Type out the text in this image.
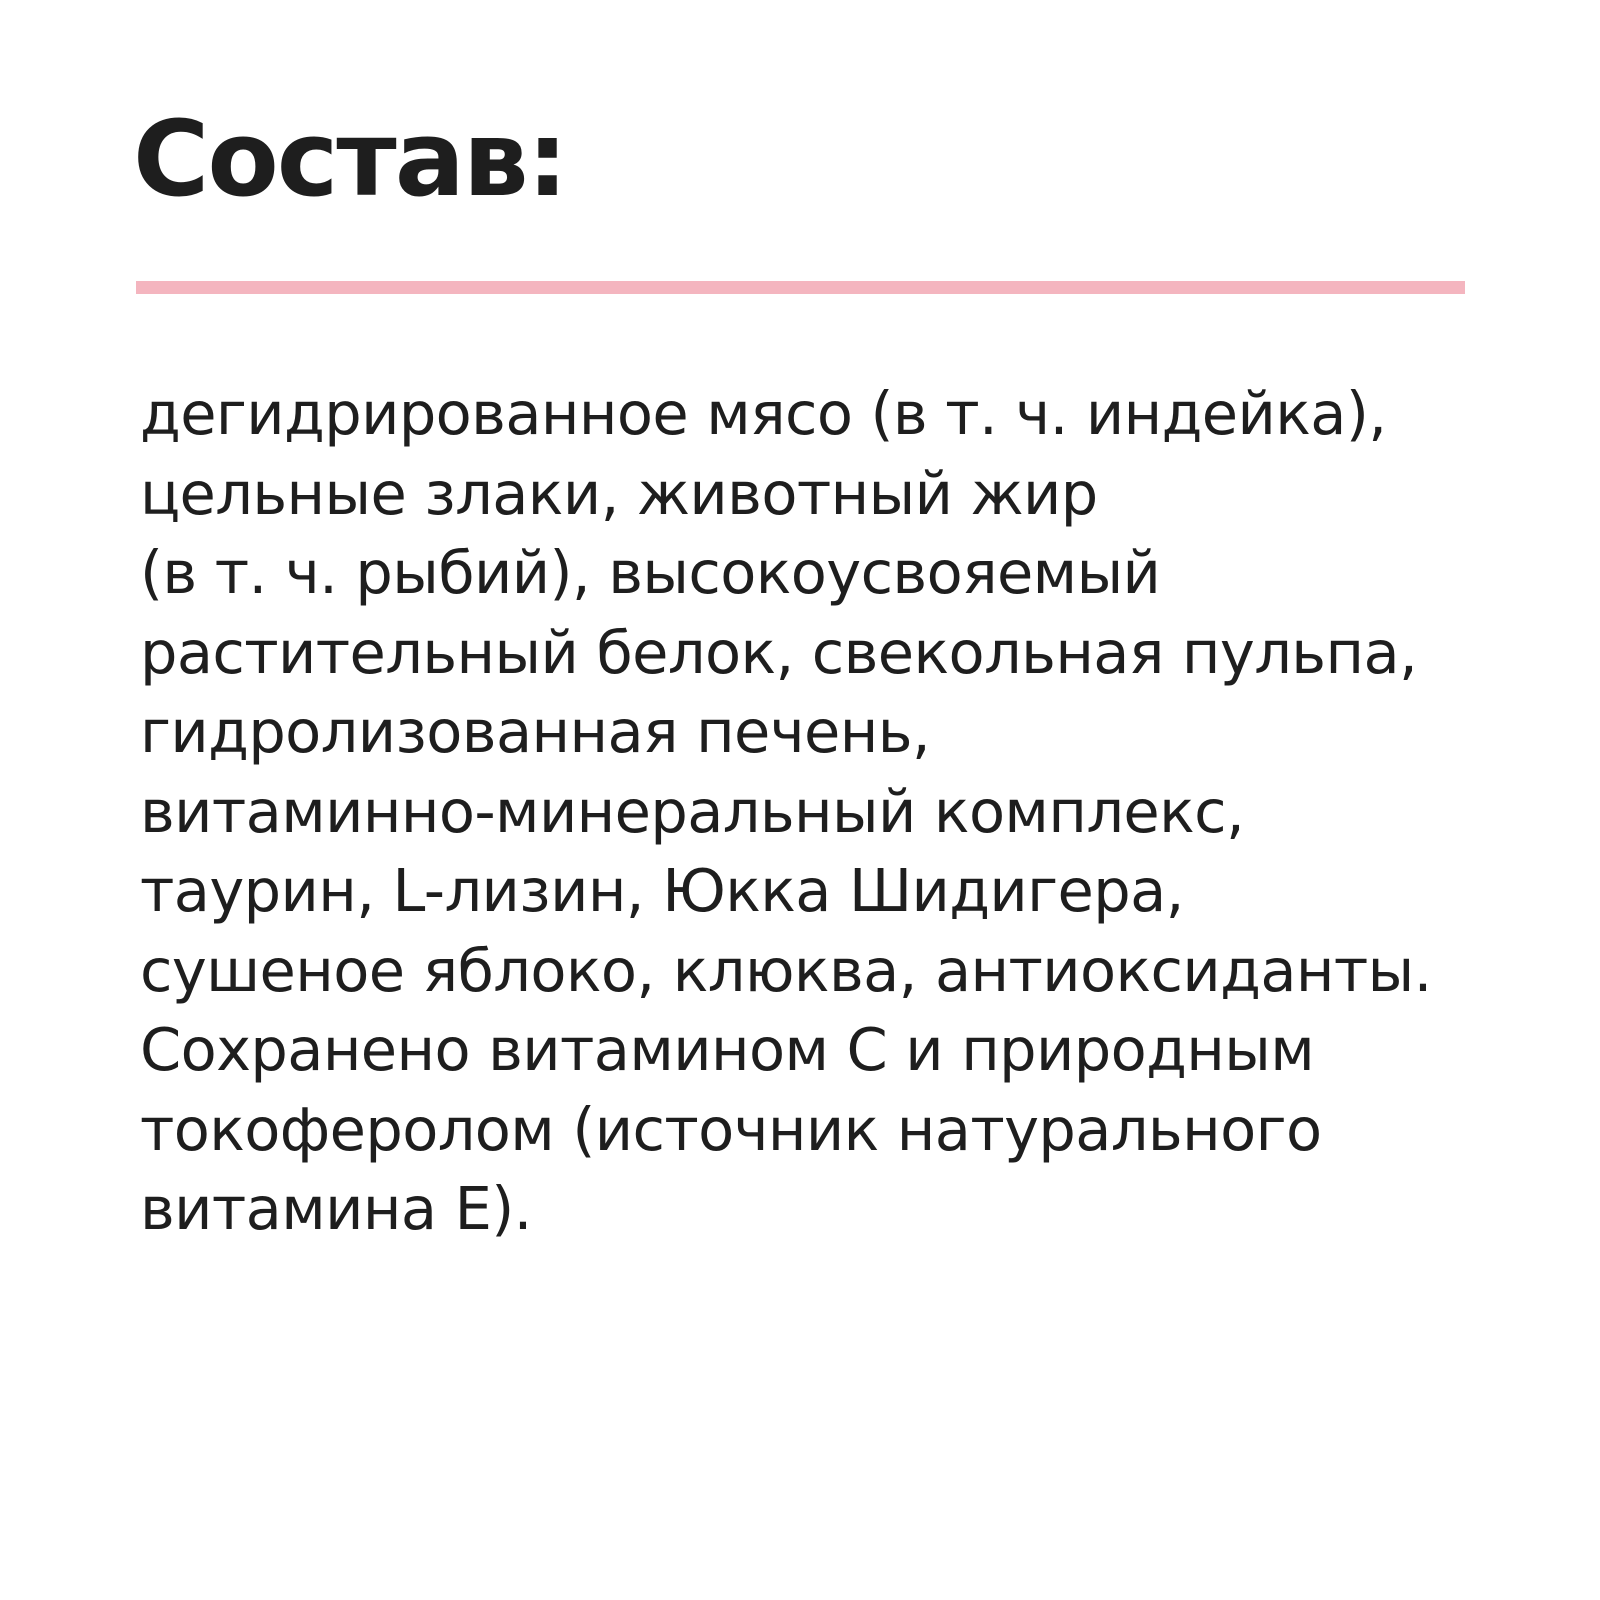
Состав:
дегидрированное мясо (в т. ч. индейка),
цельные злаки, животный жир
(в т. ч. рыбий), высокоусвояемый
растительный белок, свекольная пульпа,
гидролизованная печень,
витаминно-минеральный комплекс,
таурин, L-лизин, Юкка Шидигера,
сушеное яблоко, клюква, антиоксиданты.
Сохранено витамином С и природным
токоферолом (источник натурального
витамина Е).
